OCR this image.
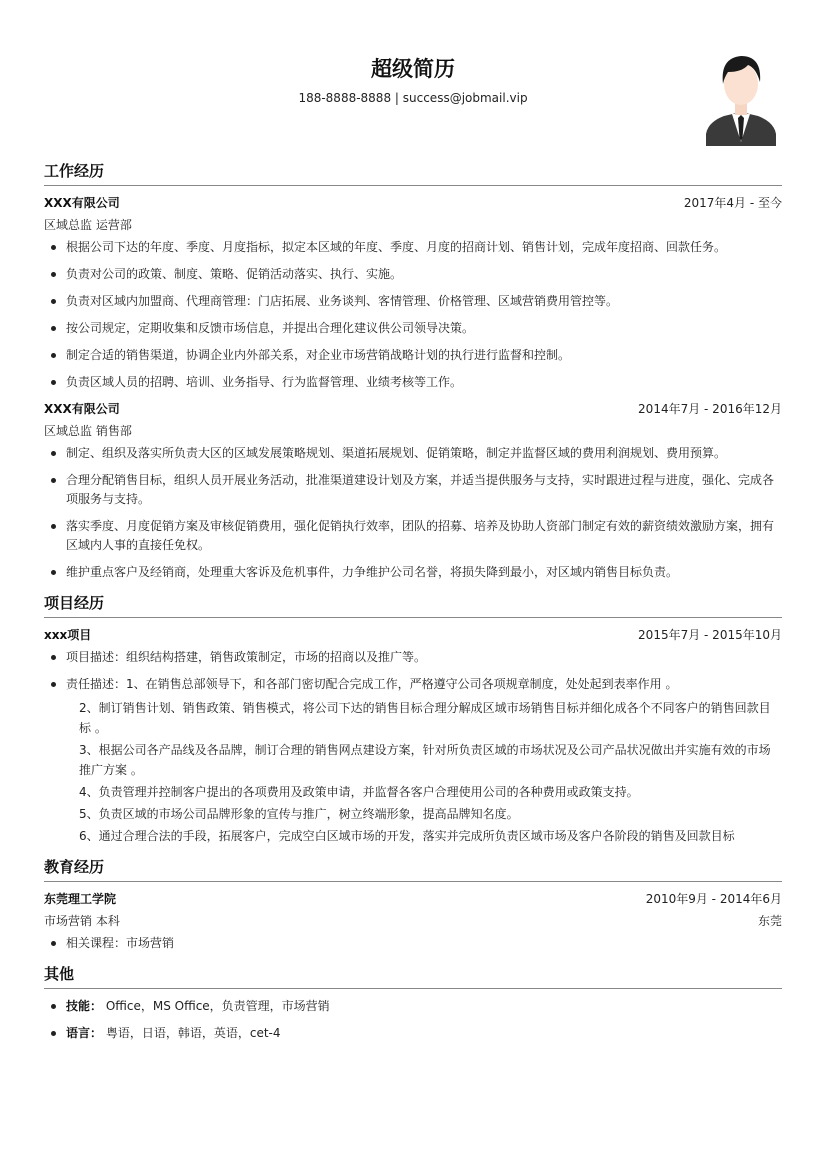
超级简历
188-8888-8888 | success@jobmail.vip
工作经历
XXX有限公司	2017年4月 - 至今
区域总监 运营部
根据公司下达的年度、季度、月度指标，拟定本区域的年度、季度、月度的招商计划、销售计划，完成年度招商、回款任务。
负责对公司的政策、制度、策略、促销活动落实、执行、实施。
负责对区域内加盟商、代理商管理：门店拓展、业务谈判、客情管理、价格管理、区域营销费用管控等。
按公司规定，定期收集和反馈市场信息，并提出合理化建议供公司领导决策。
制定合适的销售渠道，协调企业内外部关系，对企业市场营销战略计划的执行进行监督和控制。
负责区域人员的招聘、培训、业务指导、行为监督管理、业绩考核等工作。
XXX有限公司	2014年7月 - 2016年12月
区域总监 销售部
制定、组织及落实所负责大区的区域发展策略规划、渠道拓展规划、促销策略，制定并监督区域的费用利润规划、费用预算。
合理分配销售目标，组织人员开展业务活动，批准渠道建设计划及方案，并适当提供服务与支持，实时跟进过程与进度，强化、完成各项服务与支持。
落实季度、月度促销方案及审核促销费用，强化促销执行效率，团队的招募、培养及协助人资部门制定有效的薪资绩效激励方案，拥有区域内人事的直接任免权。
维护重点客户及经销商，处理重大客诉及危机事件，力争维护公司名誉，将损失降到最小，对区域内销售目标负责。
项目经历
xxx项目	2015年7月 - 2015年10月
项目描述：组织结构搭建，销售政策制定，市场的招商以及推广等。
责任描述：1、在销售总部领导下，和各部门密切配合完成工作，严格遵守公司各项规章制度，处处起到表率作用 。
2、制订销售计划、销售政策、销售模式，将公司下达的销售目标合理分解成区域市场销售目标并细化成各个不同客户的销售回款目标 。
3、根据公司各产品线及各品牌，制订合理的销售网点建设方案，针对所负责区域的市场状况及公司产品状况做出并实施有效的市场推广方案 。
4、负责管理并控制客户提出的各项费用及政策申请，并监督各客户合理使用公司的各种费用或政策支持。
5、负责区域的市场公司品牌形象的宣传与推广，树立终端形象，提高品牌知名度。
6、通过合理合法的手段，拓展客户，完成空白区域市场的开发，落实并完成所负责区域市场及客户各阶段的销售及回款目标
教育经历
东莞理工学院	2010年9月 - 2014年6月
市场营销 本科	东莞
相关课程：市场营销
其他
技能： Office，MS Office，负责管理，市场营销
语言： 粤语，日语，韩语，英语，cet-4
